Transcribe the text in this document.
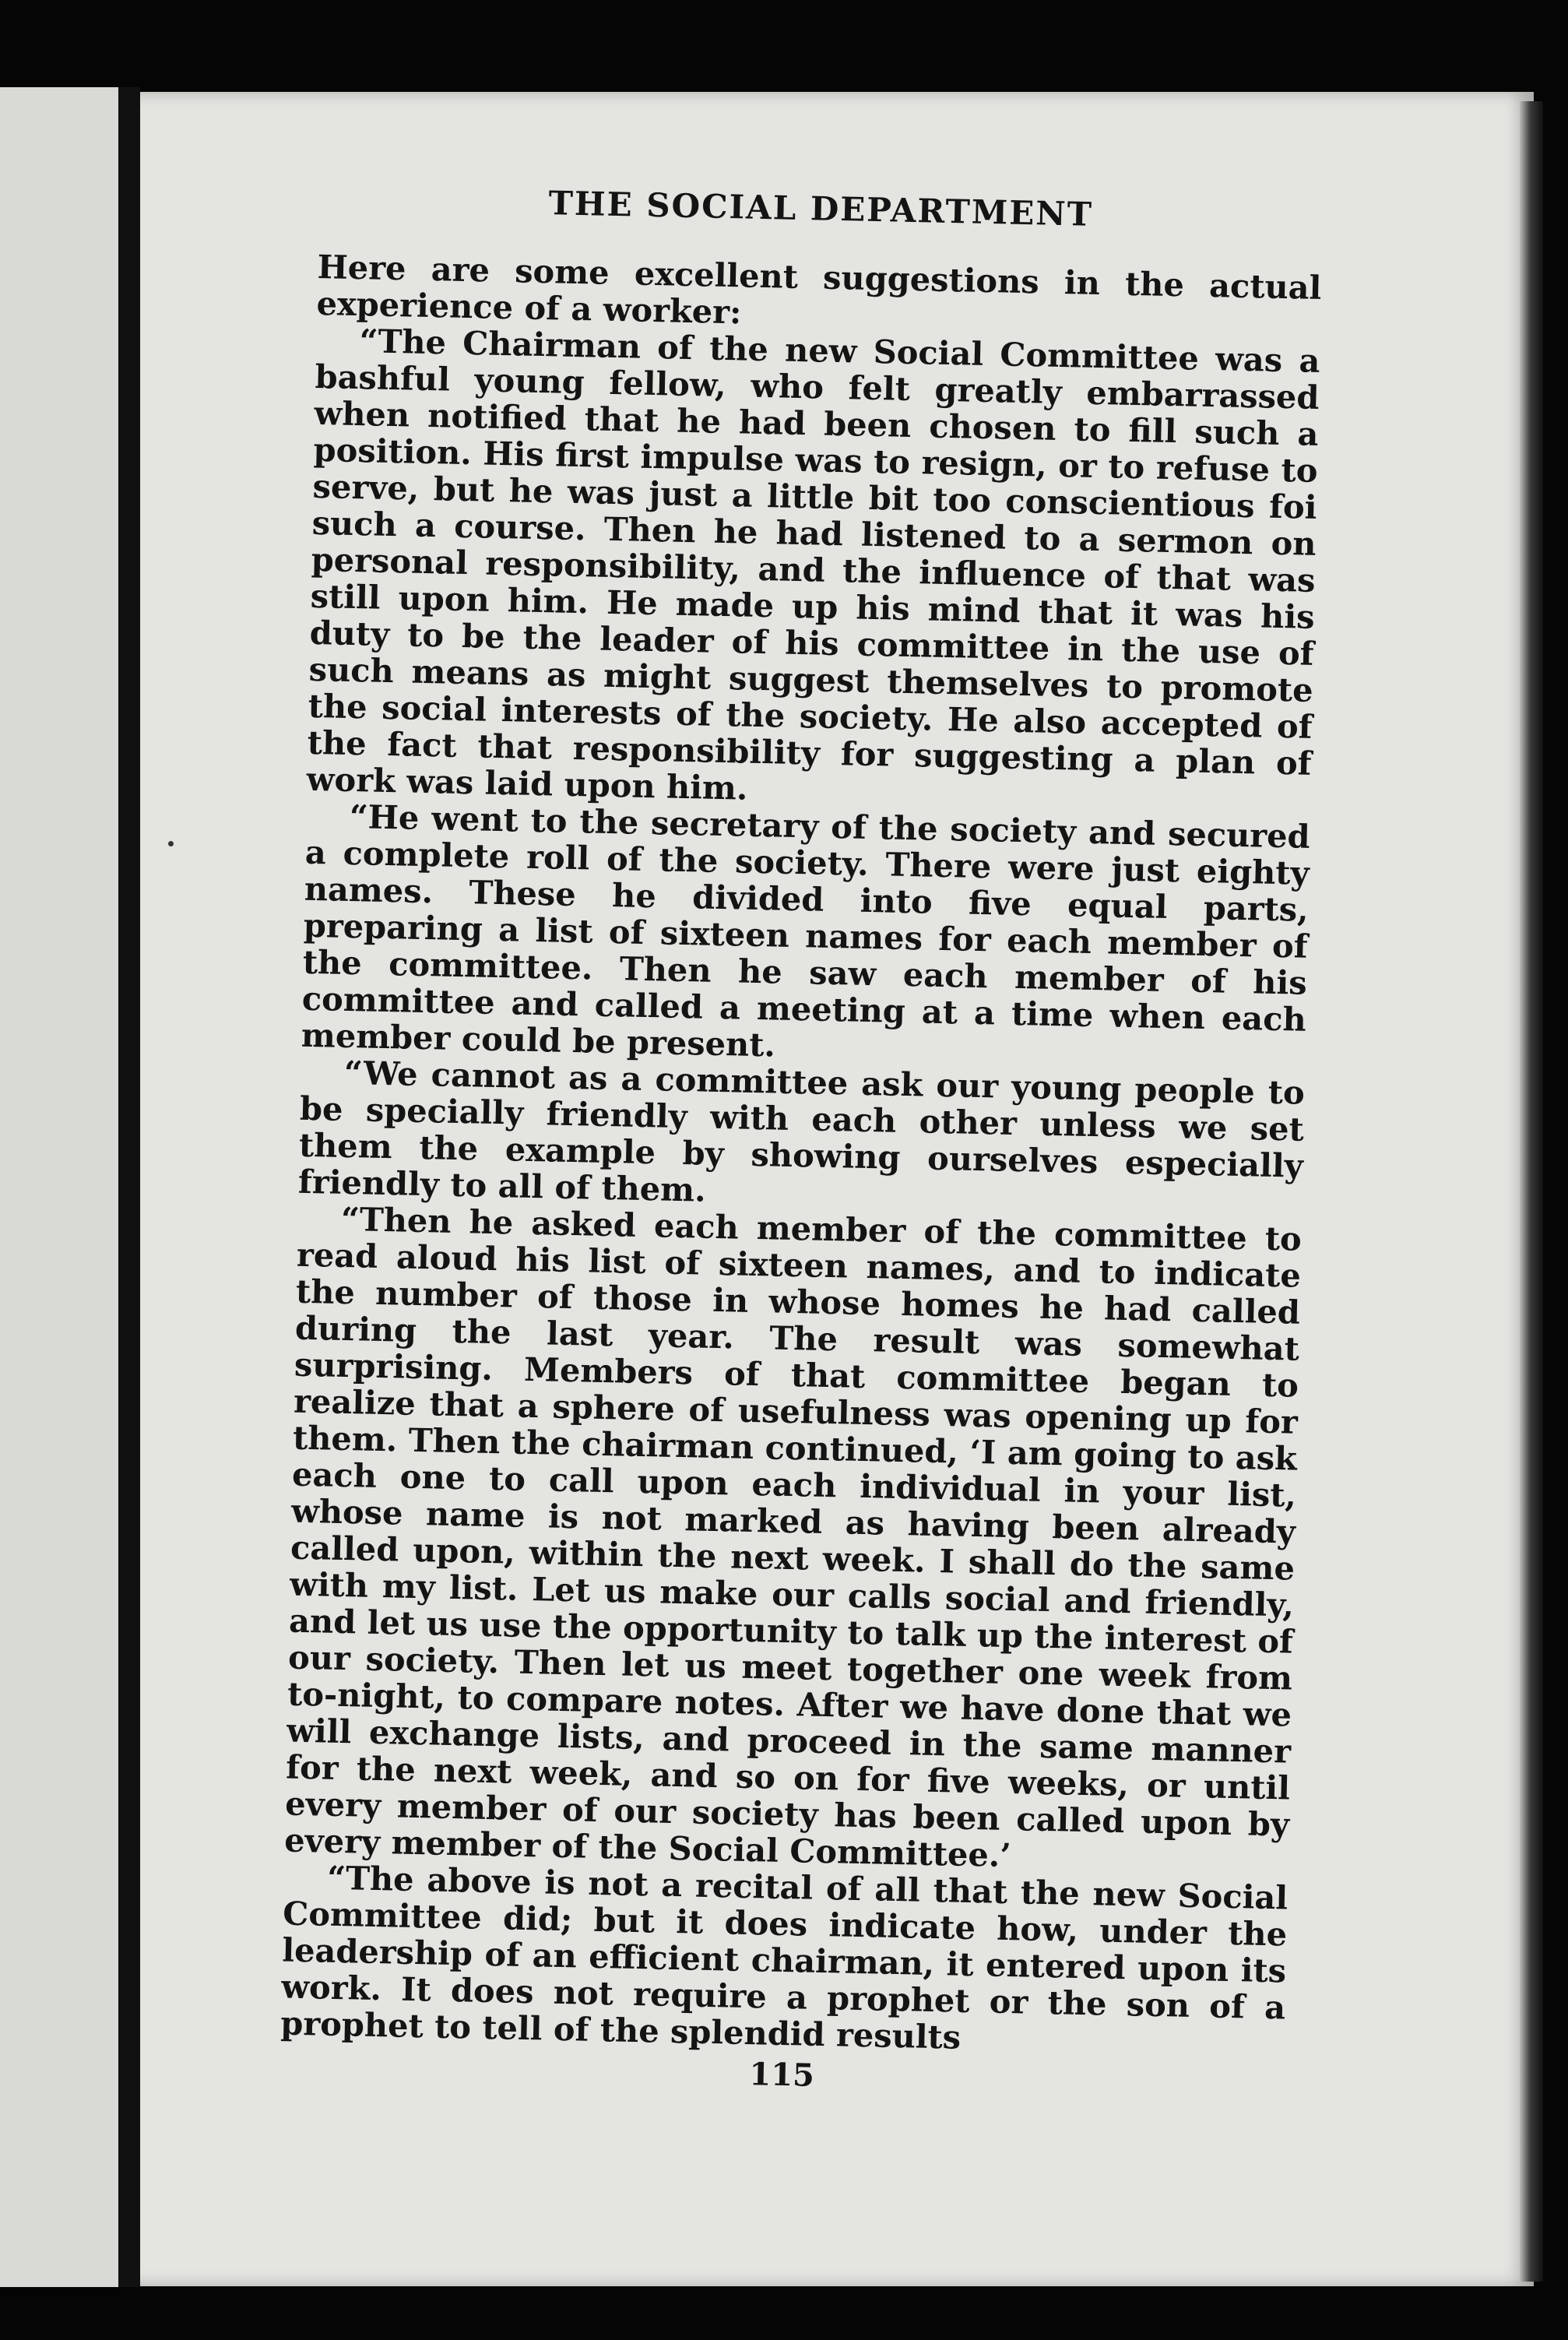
THE SOCIAL DEPARTMENT

Here are some excellent suggestions in the actual experience of a worker:

“The Chairman of the new Social Committee was a bashful young fellow, who felt greatly embarrassed when notified that he had been chosen to fill such a position. His first impulse was to resign, or to refuse to serve, but he was just a little bit too conscientious foi such a course. Then he had listened to a sermon on personal responsibility, and the influence of that was still upon him. He made up his mind that it was his duty to be the leader of his committee in the use of such means as might suggest themselves to promote the social interests of the society. He also accepted of the fact that responsibility for suggesting a plan of work was laid upon him.

“He went to the secretary of the society and secured a complete roll of the society. There were just eighty names. These he divided into five equal parts, preparing a list of sixteen names for each member of the committee. Then he saw each member of his committee and called a meeting at a time when each member could be present.

“We cannot as a committee ask our young people to be specially friendly with each other unless we set them the example by showing ourselves especially friendly to all of them.

“Then he asked each member of the committee to read aloud his list of sixteen names, and to indicate the number of those in whose homes he had called during the last year. The result was somewhat surprising. Members of that committee began to realize that a sphere of usefulness was opening up for them. Then the chairman continued, ‘I am going to ask each one to call upon each individual in your list, whose name is not marked as having been already called upon, within the next week. I shall do the same with my list. Let us make our calls social and friendly, and let us use the opportunity to talk up the interest of our society. Then let us meet together one week from to-night, to compare notes. After we have done that we will exchange lists, and proceed in the same manner for the next week, and so on for five weeks, or until every member of our society has been called upon by every member of the Social Committee.’

“The above is not a recital of all that the new Social Committee did; but it does indicate how, under the leadership of an efficient chairman, it entered upon its work. It does not require a prophet or the son of a prophet to tell of the splendid results

115
